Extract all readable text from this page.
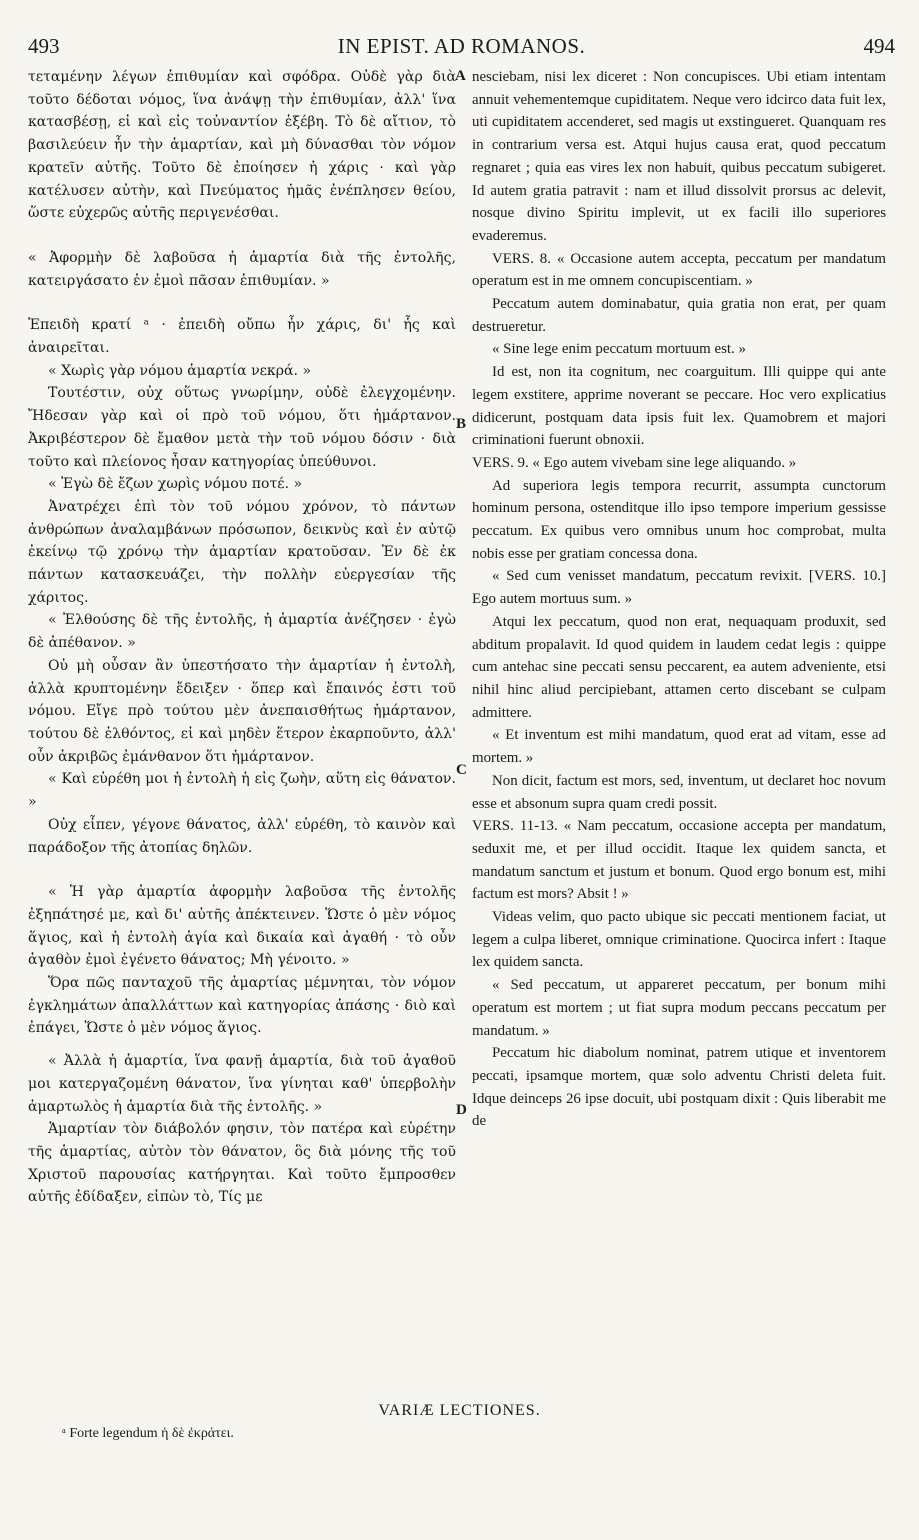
493	IN EPIST. AD ROMANOS.	494
A
B
C
D

τεταμένην λέγων ἐπιθυμίαν καὶ σφόδρα. Οὐδὲ γὰρ διὰ τοῦτο δέδοται νόμος, ἵνα ἀνάψῃ τὴν ἐπιθυμίαν, ἀλλ' ἵνα κατασβέσῃ, εἰ καὶ εἰς τοὐναντίον ἐξέβη. Τὸ δὲ αἴτιον, τὸ βασιλεύειν ἦν τὴν ἁμαρτίαν, καὶ μὴ δύνασθαι τὸν νόμον κρατεῖν αὐτῆς. Τοῦτο δὲ ἐποίησεν ἡ χάρις · καὶ γὰρ κατέλυσεν αὐτὴν, καὶ Πνεύματος ἡμᾶς ἐνέπλησεν θείου, ὥστε εὐχερῶς αὐτῆς περιγενέσθαι.

« Ἀφορμὴν δὲ λαβοῦσα ἡ ἁμαρτία διὰ τῆς ἐντολῆς, κατειργάσατο ἐν ἐμοὶ πᾶσαν ἐπιθυμίαν. »

Ἐπειδὴ κρατί ᵃ · ἐπειδὴ οὔπω ἦν χάρις, δι' ἧς καὶ ἀναιρεῖται.

« Χωρὶς γὰρ νόμου ἁμαρτία νεκρά. »

Τουτέστιν, οὐχ οὕτως γνωρίμην, οὐδὲ ἐλεγχομένην. Ἤδεσαν γὰρ καὶ οἱ πρὸ τοῦ νόμου, ὅτι ἡμάρτανον. Ἀκριβέστερον δὲ ἔμαθον μετὰ τὴν τοῦ νόμου δόσιν · διὰ τοῦτο καὶ πλείονος ἦσαν κατηγορίας ὑπεύθυνοι.

« Ἐγὼ δὲ ἔζων χωρὶς νόμου ποτέ. »

Ἀνατρέχει ἐπὶ τὸν τοῦ νόμου χρόνον, τὸ πάντων ἀνθρώπων ἀναλαμβάνων πρόσωπον, δεικνὺς καὶ ἐν αὐτῷ ἐκείνῳ τῷ χρόνῳ τὴν ἁμαρτίαν κρατοῦσαν. Ἐν δὲ ἐκ πάντων κατασκευάζει, τὴν πολλὴν εὐεργεσίαν τῆς χάριτος.

« Ἐλθούσης δὲ τῆς ἐντολῆς, ἡ ἁμαρτία ἀνέζησεν · ἐγὼ δὲ ἀπέθανον. »

Οὐ μὴ οὖσαν ἂν ὑπεστήσατο τὴν ἁμαρτίαν ἡ ἐντολὴ, ἀλλὰ κρυπτομένην ἔδειξεν · ὅπερ καὶ ἔπαινός ἐστι τοῦ νόμου. Εἴγε πρὸ τούτου μὲν ἀνεπαισθήτως ἡμάρτανον, τούτου δὲ ἐλθόντος, εἰ καὶ μηδὲν ἕτερον ἐκαρποῦντο, ἀλλ' οὖν ἀκριβῶς ἐμάνθανον ὅτι ἡμάρτανον.

« Καὶ εὑρέθη μοι ἡ ἐντολὴ ἡ εἰς ζωὴν, αὕτη εἰς θάνατον. »

Οὐχ εἶπεν, γέγονε θάνατος, ἀλλ' εὑρέθη, τὸ καινὸν καὶ παράδοξον τῆς ἀτοπίας δηλῶν.

« Ἡ γὰρ ἁμαρτία ἀφορμὴν λαβοῦσα τῆς ἐντολῆς ἐξηπάτησέ με, καὶ δι' αὐτῆς ἀπέκτεινεν. Ὥστε ὁ μὲν νόμος ἅγιος, καὶ ἡ ἐντολὴ ἁγία καὶ δικαία καὶ ἀγαθή · τὸ οὖν ἀγαθὸν ἐμοὶ ἐγένετο θάνατος; Μὴ γένοιτο. »

Ὅρα πῶς πανταχοῦ τῆς ἁμαρτίας μέμνηται, τὸν νόμον ἐγκλημάτων ἀπαλλάττων καὶ κατηγορίας ἁπάσης · διὸ καὶ ἐπάγει, Ὥστε ὁ μὲν νόμος ἅγιος.

« Ἀλλὰ ἡ ἁμαρτία, ἵνα φανῇ ἁμαρτία, διὰ τοῦ ἀγαθοῦ μοι κατεργαζομένη θάνατον, ἵνα γίνηται καθ' ὑπερβολὴν ἁμαρτωλὸς ἡ ἁμαρτία διὰ τῆς ἐντολῆς. »

Ἁμαρτίαν τὸν διάβολόν φησιν, τὸν πατέρα καὶ εὑρέτην τῆς ἁμαρτίας, αὐτὸν τὸν θάνατον, ὃς διὰ μόνης τῆς τοῦ Χριστοῦ παρουσίας κατήργηται. Καὶ τοῦτο ἔμπροσθεν αὐτῆς ἐδίδαξεν, εἰπὼν τὸ, Τίς με

nesciebam, nisi lex diceret : Non concupisces. Ubi etiam intentam annuit vehementemque cupiditatem. Neque vero idcirco data fuit lex, uti cupiditatem accenderet, sed magis ut exstingueret. Quanquam res in contrarium versa est. Atqui hujus causa erat, quod peccatum regnaret ; quia eas vires lex non habuit, quibus peccatum subigeret. Id autem gratia patravit : nam et illud dissolvit prorsus ac delevit, nosque divino Spiritu implevit, ut ex facili illo superiores evaderemus.

VERS. 8. « Occasione autem accepta, peccatum per mandatum operatum est in me omnem concupiscentiam. »

Peccatum autem dominabatur, quia gratia non erat, per quam destrueretur.

« Sine lege enim peccatum mortuum est. »

Id est, non ita cognitum, nec coarguitum. Illi quippe qui ante legem exstitere, apprime noverant se peccare. Hoc vero explicatius didicerunt, postquam data ipsis fuit lex. Quamobrem et majori criminationi fuerunt obnoxii.

VERS. 9. « Ego autem vivebam sine lege aliquando. »

Ad superiora legis tempora recurrit, assumpta cunctorum hominum persona, ostenditque illo ipso tempore imperium gessisse peccatum. Ex quibus vero omnibus unum hoc comprobat, multa nobis esse per gratiam concessa dona.

« Sed cum venisset mandatum, peccatum revixit. [VERS. 10.] Ego autem mortuus sum. »

Atqui lex peccatum, quod non erat, nequaquam produxit, sed abditum propalavit. Id quod quidem in laudem cedat legis : quippe cum antehac sine peccati sensu peccarent, ea autem adveniente, etsi nihil hinc aliud percipiebant, attamen certo discebant se culpam admittere.

« Et inventum est mihi mandatum, quod erat ad vitam, esse ad mortem. »

Non dicit, factum est mors, sed, inventum, ut declaret hoc novum esse et absonum supra quam credi possit.

VERS. 11-13. « Nam peccatum, occasione accepta per mandatum, seduxit me, et per illud occidit. Itaque lex quidem sancta, et mandatum sanctum et justum et bonum. Quod ergo bonum est, mihi factum est mors? Absit ! »

Videas velim, quo pacto ubique sic peccati mentionem faciat, ut legem a culpa liberet, omnique criminatione. Quocirca infert : Itaque lex quidem sancta.

« Sed peccatum, ut appareret peccatum, per bonum mihi operatum est mortem ; ut fiat supra modum peccans peccatum per mandatum. »

Peccatum hic diabolum nominat, patrem utique et inventorem peccati, ipsamque mortem, quæ solo adventu Christi deleta fuit. Idque deinceps 26 ipse docuit, ubi postquam dixit : Quis liberabit me de

VARIÆ LECTIONES.
ᵃ Forte legendum ἡ δὲ ἐκράτει.
